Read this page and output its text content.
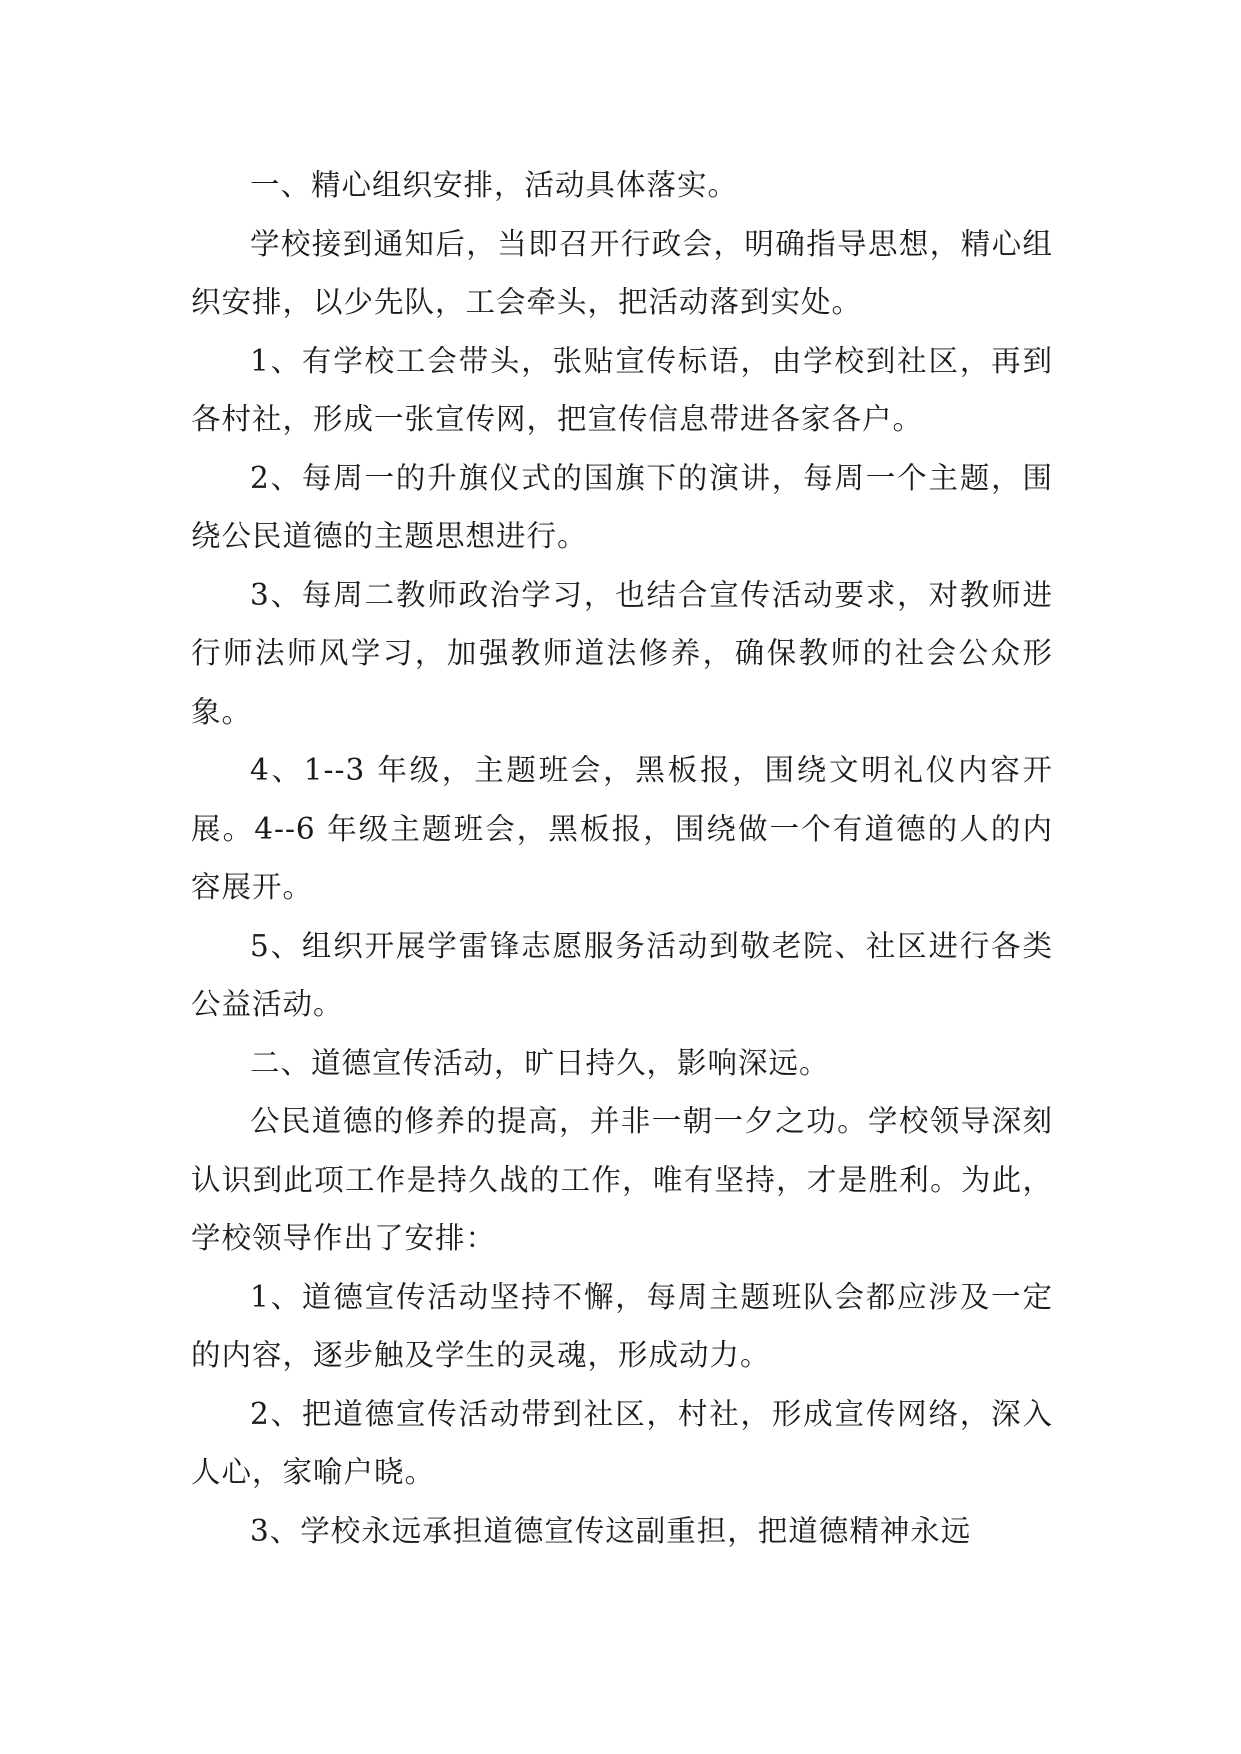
一、精心组织安排，活动具体落实。

学校接到通知后，当即召开行政会，明确指导思想，精心组织安排，以少先队，工会牵头，把活动落到实处。

1、有学校工会带头，张贴宣传标语，由学校到社区，再到各村社，形成一张宣传网，把宣传信息带进各家各户。

2、每周一的升旗仪式的国旗下的演讲，每周一个主题，围绕公民道德的主题思想进行。

3、每周二教师政治学习，也结合宣传活动要求，对教师进行师法师风学习，加强教师道法修养，确保教师的社会公众形象。

4、1--3 年级，主题班会，黑板报，围绕文明礼仪内容开展。4--6 年级主题班会，黑板报，围绕做一个有道德的人的内容展开。

5、组织开展学雷锋志愿服务活动到敬老院、社区进行各类公益活动。

二、道德宣传活动，旷日持久，影响深远。

公民道德的修养的提高，并非一朝一夕之功。学校领导深刻认识到此项工作是持久战的工作，唯有坚持，才是胜利。为此，学校领导作出了安排：

1、道德宣传活动坚持不懈，每周主题班队会都应涉及一定的内容，逐步触及学生的灵魂，形成动力。

2、把道德宣传活动带到社区，村社，形成宣传网络，深入人心，家喻户晓。

3、学校永远承担道德宣传这副重担，把道德精神永远
